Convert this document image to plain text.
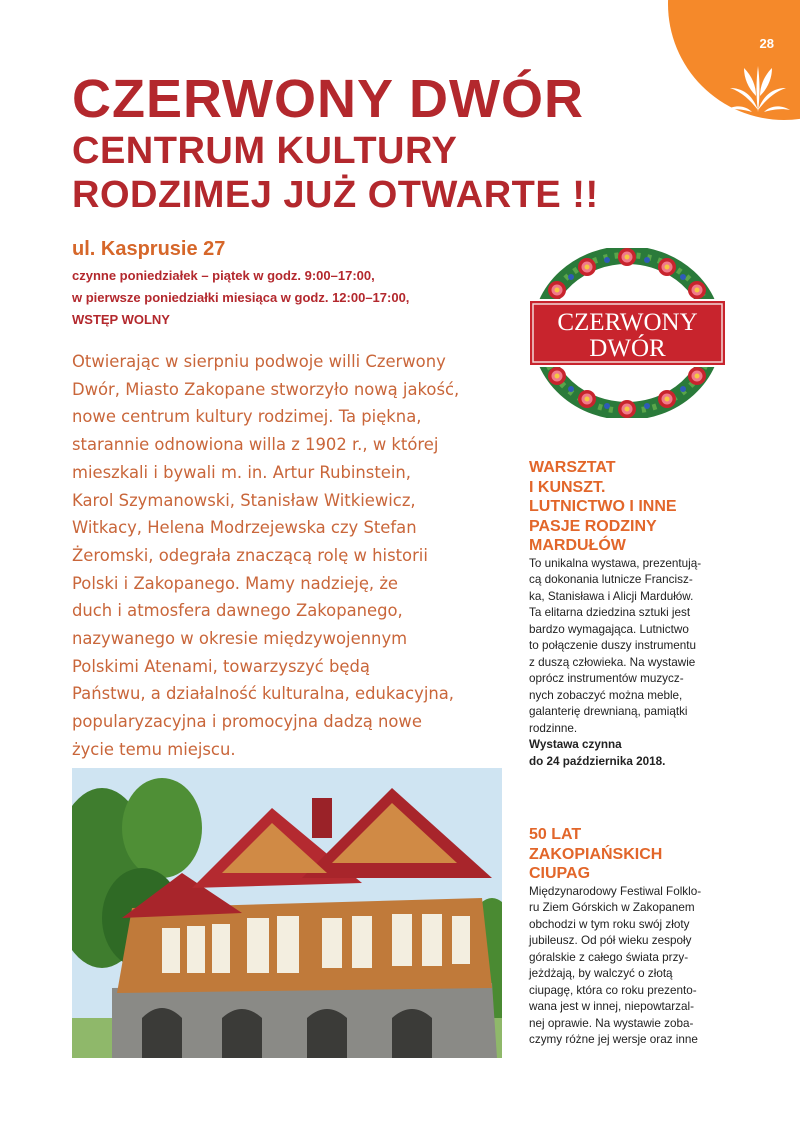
28
CZERWONY DWÓR
CENTRUM KULTURY
RODZIMEJ JUŻ OTWARTE !!
ul. Kasprusie 27
czynne poniedziałek – piątek w godz. 9:00–17:00,
w pierwsze poniedziałki miesiąca w godz. 12:00–17:00,
WSTĘP WOLNY
Otwierając w sierpniu podwoje willi Czerwony
Dwór, Miasto Zakopane stworzyło nową jakość,
nowe centrum kultury rodzimej. Ta piękna,
starannie odnowiona willa z 1902 r., w której
mieszkali i bywali m. in. Artur Rubinstein,
Karol Szymanowski, Stanisław Witkiewicz,
Witkacy, Helena Modrzejewska czy Stefan
Żeromski, odegrała znaczącą rolę w historii
Polski i Zakopanego. Mamy nadzieję, że
duch i atmosfera dawnego Zakopanego,
nazywanego w okresie międzywojennym
Polskimi Atenami, towarzyszyć będą
Państwu, a działalność kulturalna, edukacyjna,
popularyzacyjna i promocyjna dadzą nowe
życie temu miejscu.
CZERWONY
DWÓR
WARSZTAT
I KUNSZT.
LUTNICTWO I INNE
PASJE RODZINY
MARDUŁÓW
To unikalna wystawa, prezentują-
cą dokonania lutnicze Francisz-
ka, Stanisława i Alicji Mardułów.
Ta elitarna dziedzina sztuki jest
bardzo wymagająca. Lutnictwo
to połączenie duszy instrumentu
z duszą człowieka. Na wystawie
oprócz instrumentów muzycz-
nych zobaczyć można meble,
galanterię drewnianą, pamiątki
rodzinne.
Wystawa czynna
do 24 października 2018.
50 LAT
ZAKOPIAŃSKICH
CIUPAG
Międzynarodowy Festiwal Folklo-
ru Ziem Górskich w Zakopanem
obchodzi w tym roku swój złoty
jubileusz. Od pół wieku zespoły
góralskie z całego świata przy-
jeżdżają, by walczyć o złotą
ciupagę, która co roku prezento-
wana jest w innej, niepowtarzal-
nej oprawie. Na wystawie zoba-
czymy różne jej wersje oraz inne
